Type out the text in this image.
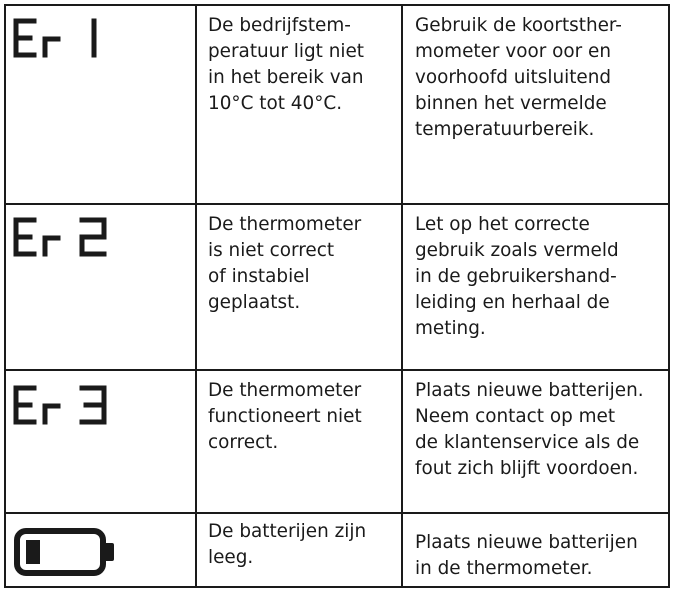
De bedrijfstem-
peratuur ligt niet
in het bereik van
10°C tot 40°C.
Gebruik de koortsther-
mometer voor oor en
voorhoofd uitsluitend
binnen het vermelde
temperatuurbereik.
De thermometer
is niet correct
of instabiel
geplaatst.
Let op het correcte
gebruik zoals vermeld
in de gebruikershand-
leiding en herhaal de
meting.
De thermometer
functioneert niet
correct.
Plaats nieuwe batterijen.
Neem contact op met
de klantenservice als de
fout zich blijft voordoen.
De batterijen zijn
leeg.
Plaats nieuwe batterijen
in de thermometer.
